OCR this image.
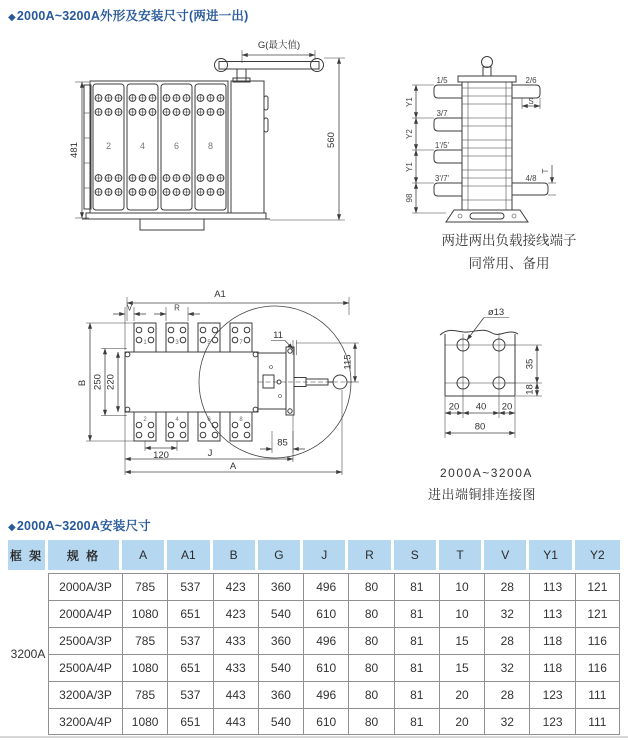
◆2000A~3200A外形及安装尺寸(两进一出)
◆2000A~3200A安装尺寸
G(最大值)
2	4	6	8
481
560
1/5
3/7
1'/5'
3'/7'
2/6
4/8
S
T
Y1
Y2
Y1
98
两进两出负载接线端子
同常用、备用
1	3	5	7
2	4	6	8
A1
V	R
B 250 220
120	J
A
85
11
115
ø13
35
18
20 40 20
80
2000A~3200A
进出端铜排连接图
框 架	规 格	A	A1	B	G	J	R	S	T	V	Y1	Y2
3200A
2000A/3P	785	537	423	360	496	80	81	10	28	113	121
2000A/4P	1080	651	423	540	610	80	81	10	32	113	121
2500A/3P	785	537	433	360	496	80	81	15	28	118	116
2500A/4P	1080	651	433	540	610	80	81	15	32	118	116
3200A/3P	785	537	443	360	496	80	81	20	28	123	111
3200A/4P	1080	651	443	540	610	80	81	20	32	123	111
